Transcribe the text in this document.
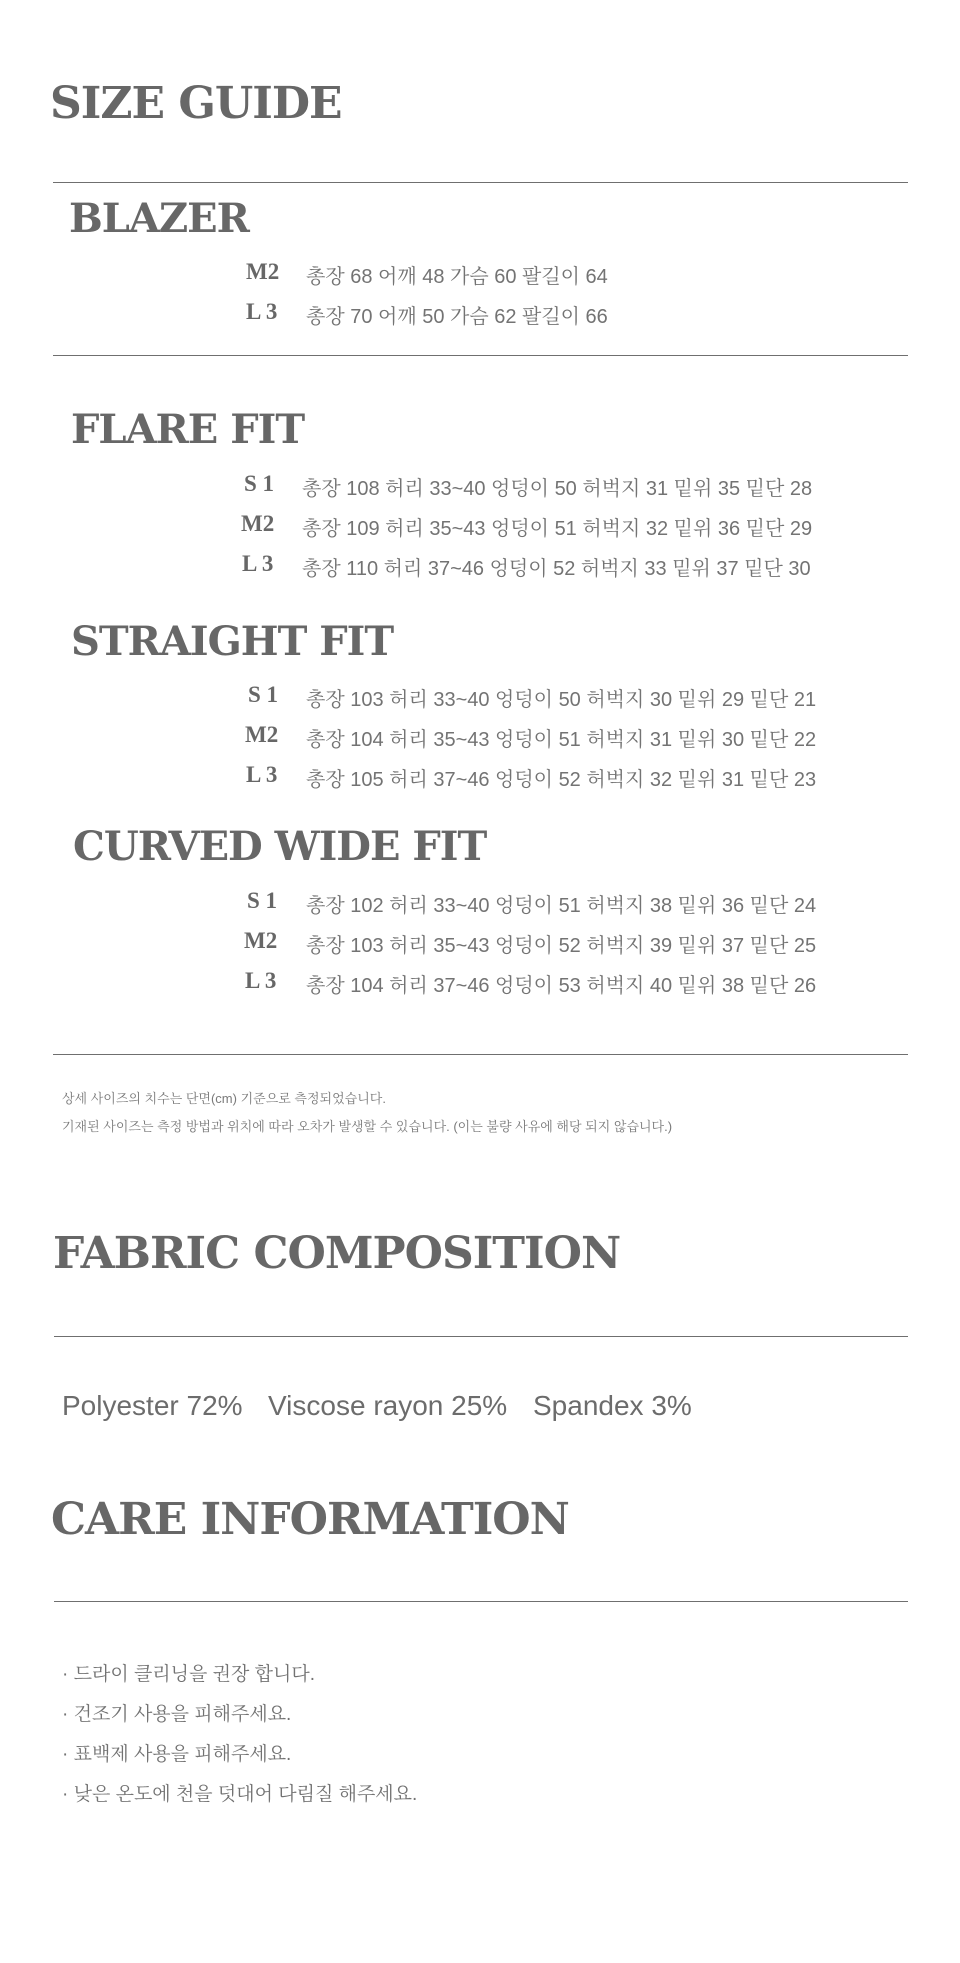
SIZE GUIDE
BLAZER
M2 총장 68 어깨 48 가슴 60 팔길이 64
L 3 총장 70 어깨 50 가슴 62 팔길이 66
FLARE FIT
S 1 총장 108 허리 33~40 엉덩이 50 허벅지 31 밑위 35 밑단 28
M2 총장 109 허리 35~43 엉덩이 51 허벅지 32 밑위 36 밑단 29
L 3 총장 110 허리 37~46 엉덩이 52 허벅지 33 밑위 37 밑단 30
STRAIGHT FIT
S 1 총장 103 허리 33~40 엉덩이 50 허벅지 30 밑위 29 밑단 21
M2 총장 104 허리 35~43 엉덩이 51 허벅지 31 밑위 30 밑단 22
L 3 총장 105 허리 37~46 엉덩이 52 허벅지 32 밑위 31 밑단 23
CURVED WIDE FIT
S 1 총장 102 허리 33~40 엉덩이 51 허벅지 38 밑위 36 밑단 24
M2 총장 103 허리 35~43 엉덩이 52 허벅지 39 밑위 37 밑단 25
L 3 총장 104 허리 37~46 엉덩이 53 허벅지 40 밑위 38 밑단 26
상세 사이즈의 치수는 단면(cm) 기준으로 측정되었습니다.
기재된 사이즈는 측정 방법과 위치에 따라 오차가 발생할 수 있습니다. (이는 불량 사유에 해당 되지 않습니다.)
FABRIC COMPOSITION
Polyester 72% Viscose rayon 25% Spandex 3%
CARE INFORMATION
· 드라이 클리닝을 권장 합니다.
· 건조기 사용을 피해주세요.
· 표백제 사용을 피해주세요.
· 낮은 온도에 천을 덧대어 다림질 해주세요.
